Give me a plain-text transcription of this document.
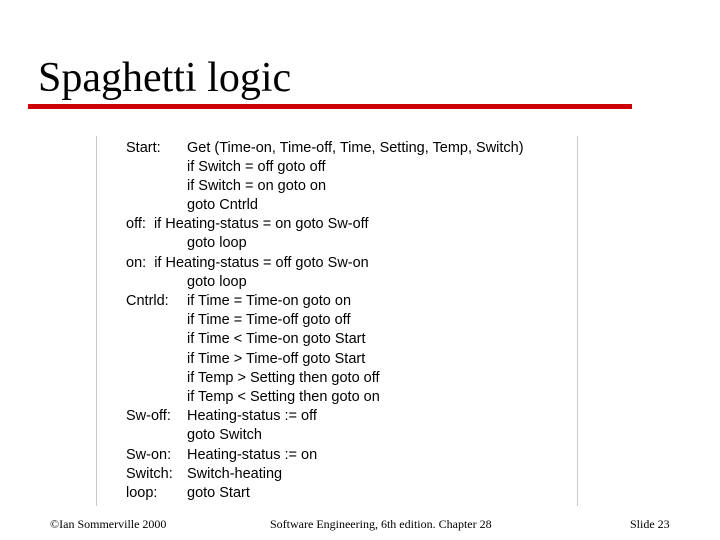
Spaghetti logic
Start: Get (Time-on, Time-off, Time, Setting, Temp, Switch)
if Switch = off goto off
if Switch = on goto on
goto Cntrld
off:  if Heating-status = on goto Sw-off
goto loop
on:  if Heating-status = off goto Sw-on
goto loop
Cntrld: if Time = Time-on goto on
if Time = Time-off goto off
if Time < Time-on goto Start
if Time > Time-off goto Start
if Temp > Setting then goto off
if Temp < Setting then goto on
Sw-off: Heating-status := off
goto Switch
Sw-on: Heating-status := on
Switch: Switch-heating
loop: goto Start
©Ian Sommerville 2000	Software Engineering, 6th edition. Chapter 28	Slide 23
